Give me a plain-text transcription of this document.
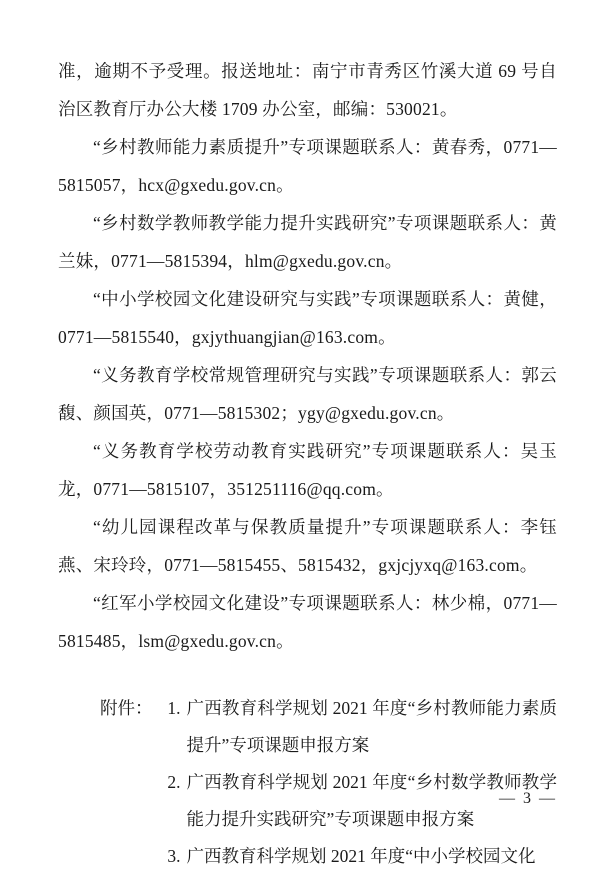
准，逾期不予受理。报送地址：南宁市青秀区竹溪大道 69 号自治区教育厅办公大楼 1709 办公室，邮编：530021。

“乡村教师能力素质提升”专项课题联系人：黄春秀，0771—5815057，hcx@gxedu.gov.cn。

“乡村数学教师教学能力提升实践研究”专项课题联系人：黄兰妹，0771—5815394，hlm@gxedu.gov.cn。

“中小学校园文化建设研究与实践”专项课题联系人：黄健，0771—5815540，gxjythuangjian@163.com。

“义务教育学校常规管理研究与实践”专项课题联系人：郭云馥、颜国英，0771—5815302；ygy@gxedu.gov.cn。

“义务教育学校劳动教育实践研究”专项课题联系人：吴玉龙，0771—5815107，351251116@qq.com。

“幼儿园课程改革与保教质量提升”专项课题联系人：李钰燕、宋玲玲，0771—5815455、5815432，gxjcjyxq@163.com。

“红军小学校园文化建设”专项课题联系人：林少棉，0771—5815485，lsm@gxedu.gov.cn。

附件： 1. 广西教育科学规划 2021 年度“乡村教师能力素质提升”专项课题申报方案
2. 广西教育科学规划 2021 年度“乡村数学教师教学能力提升实践研究”专项课题申报方案
3. 广西教育科学规划 2021 年度“中小学校园文化
— 3 —
